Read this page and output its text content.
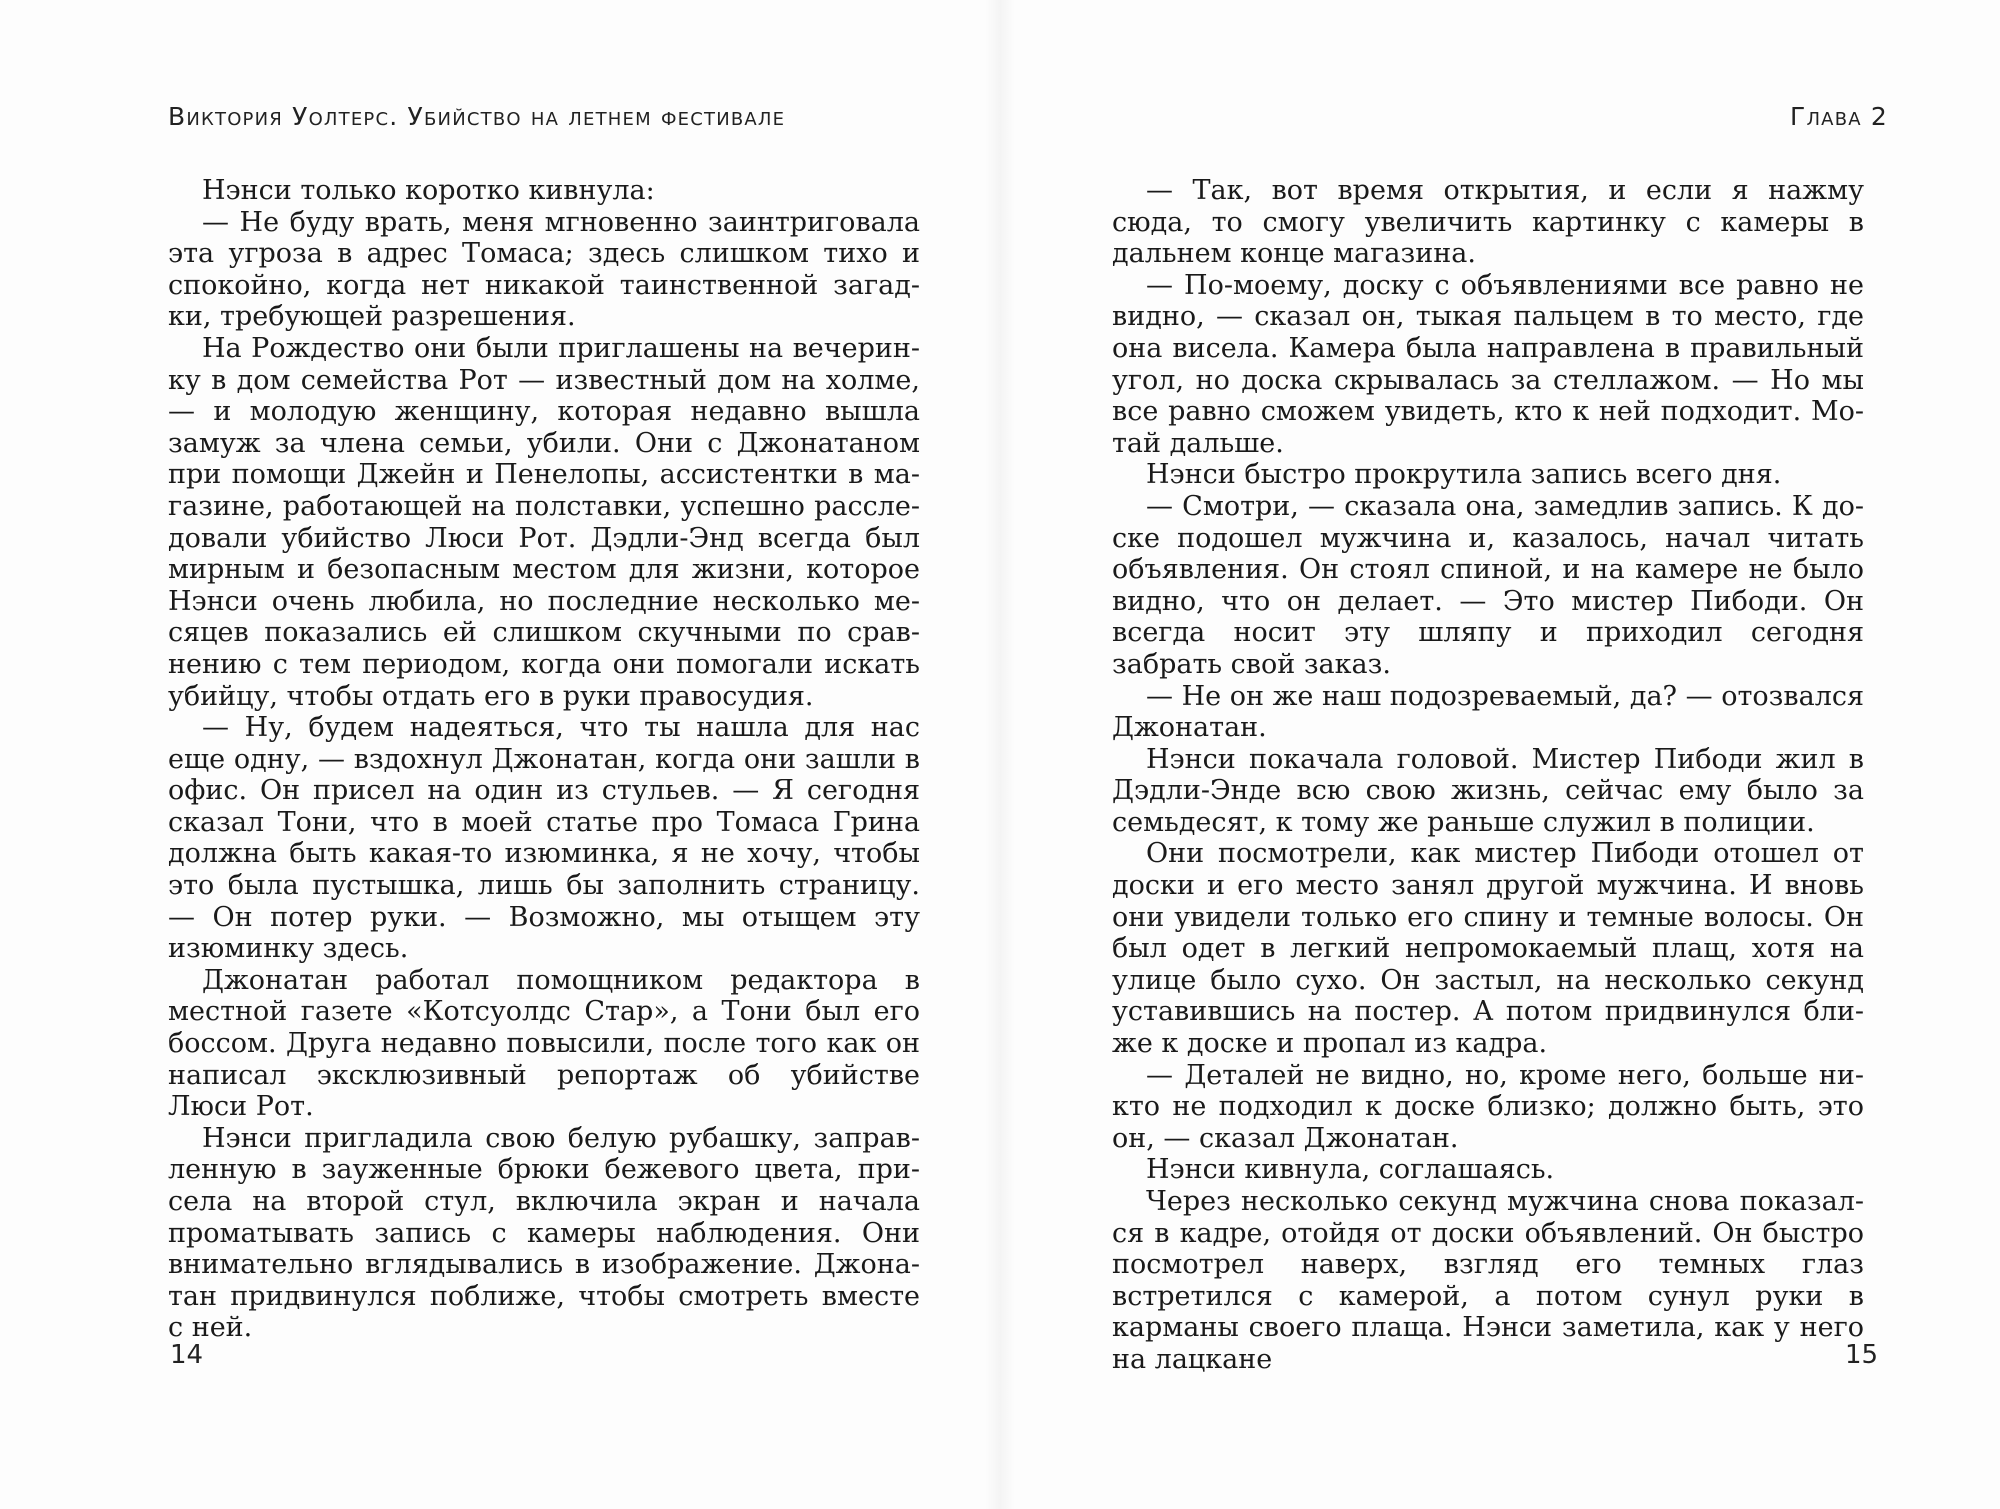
Виктория Уолтерс. Убийство на летнем фестивале

Нэнси только коротко кивнула:

— Не буду врать, меня мгновенно заинтриговала эта угроза в адрес Томаса; здесь слишком тихо и спокойно, когда нет никакой таинственной загадки, требующей разрешения.

На Рождество они были приглашены на вечеринку в дом семейства Рот — известный дом на холме, — и молодую женщину, которая недавно вышла замуж за члена семьи, убили. Они с Джонатаном при помощи Джейн и Пенелопы, ассистентки в магазине, работающей на полставки, успешно расследовали убийство Люси Рот. Дэдли-Энд всегда был мирным и безопасным местом для жизни, которое Нэнси очень любила, но последние несколько месяцев показались ей слишком скучными по сравнению с тем периодом, когда они помогали искать убийцу, чтобы отдать его в руки правосудия.

— Ну, будем надеяться, что ты нашла для нас еще одну, — вздохнул Джонатан, когда они зашли в офис. Он присел на один из стульев. — Я сегодня сказал Тони, что в моей статье про Томаса Грина должна быть какая-то изюминка, я не хочу, чтобы это была пустышка, лишь бы заполнить страницу. — Он потер руки. — Возможно, мы отыщем эту изюминку здесь.

Джонатан работал помощником редактора в местной газете «Котсуолдс Стар», а Тони был его боссом. Друга недавно повысили, после того как он написал эксклюзивный репортаж об убийстве Люси Рот.

Нэнси пригладила свою белую рубашку, заправленную в зауженные брюки бежевого цвета, присела на второй стул, включила экран и начала проматывать запись с камеры наблюдения. Они внимательно вглядывались в изображение. Джонатан придвинулся поближе, чтобы смотреть вместе с ней.

14
Глава 2

— Так, вот время открытия, и если я нажму сюда, то смогу увеличить картинку с камеры в дальнем конце магазина.

— По-моему, доску с объявлениями все равно не видно, — сказал он, тыкая пальцем в то место, где она висела. Камера была направлена в правильный угол, но доска скрывалась за стеллажом. — Но мы все равно сможем увидеть, кто к ней подходит. Мотай дальше.

Нэнси быстро прокрутила запись всего дня.

— Смотри, — сказала она, замедлив запись. К доске подошел мужчина и, казалось, начал читать объявления. Он стоял спиной, и на камере не было видно, что он делает. — Это мистер Пибоди. Он всегда носит эту шляпу и приходил сегодня забрать свой заказ.

— Не он же наш подозреваемый, да? — отозвался Джонатан.

Нэнси покачала головой. Мистер Пибоди жил в Дэдли-Энде всю свою жизнь, сейчас ему было за семьдесят, к тому же раньше служил в полиции.

Они посмотрели, как мистер Пибоди отошел от доски и его место занял другой мужчина. И вновь они увидели только его спину и темные волосы. Он был одет в легкий непромокаемый плащ, хотя на улице было сухо. Он застыл, на несколько секунд уставившись на постер. А потом придвинулся ближе к доске и пропал из кадра.

— Деталей не видно, но, кроме него, больше никто не подходил к доске близко; должно быть, это он, — сказал Джонатан.

Нэнси кивнула, соглашаясь.

Через несколько секунд мужчина снова показался в кадре, отойдя от доски объявлений. Он быстро посмотрел наверх, взгляд его темных глаз встретился с камерой, а потом сунул руки в карманы своего плаща. Нэнси заметила, как у него на лацкане	15
